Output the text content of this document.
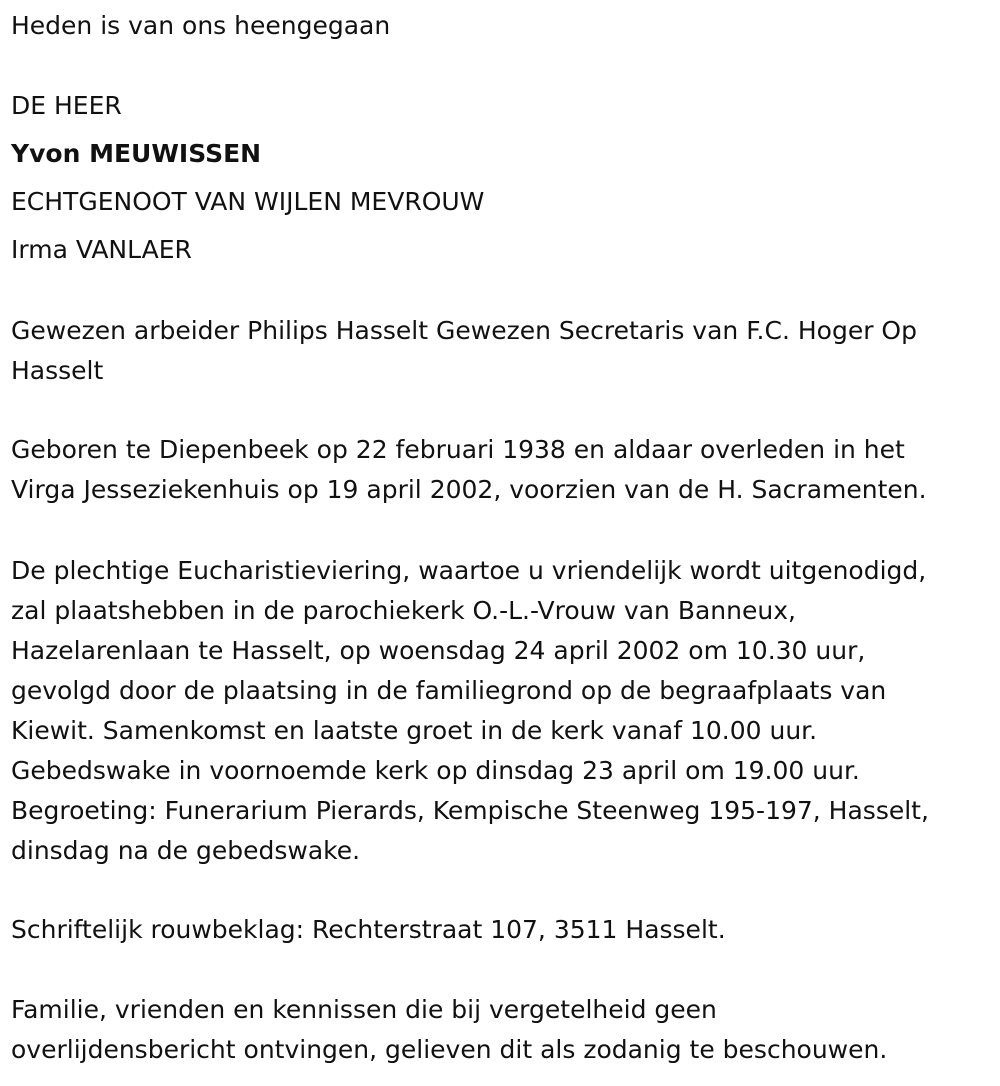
Heden is van ons heengegaan

DE HEER

Yvon MEUWISSEN

ECHTGENOOT VAN WIJLEN MEVROUW

Irma VANLAER

Gewezen arbeider Philips Hasselt Gewezen Secretaris van F.C. Hoger Op

Hasselt

Geboren te Diepenbeek op 22 februari 1938 en aldaar overleden in het

Virga Jesseziekenhuis op 19 april 2002, voorzien van de H. Sacramenten.

De plechtige Eucharistieviering, waartoe u vriendelijk wordt uitgenodigd,

zal plaatshebben in de parochiekerk O.-L.-Vrouw van Banneux,

Hazelarenlaan te Hasselt, op woensdag 24 april 2002 om 10.30 uur,

gevolgd door de plaatsing in de familiegrond op de begraafplaats van

Kiewit. Samenkomst en laatste groet in de kerk vanaf 10.00 uur.

Gebedswake in voornoemde kerk op dinsdag 23 april om 19.00 uur.

Begroeting: Funerarium Pierards, Kempische Steenweg 195-197, Hasselt,

dinsdag na de gebedswake.

Schriftelijk rouwbeklag: Rechterstraat 107, 3511 Hasselt.

Familie, vrienden en kennissen die bij vergetelheid geen

overlijdensbericht ontvingen, gelieven dit als zodanig te beschouwen.
